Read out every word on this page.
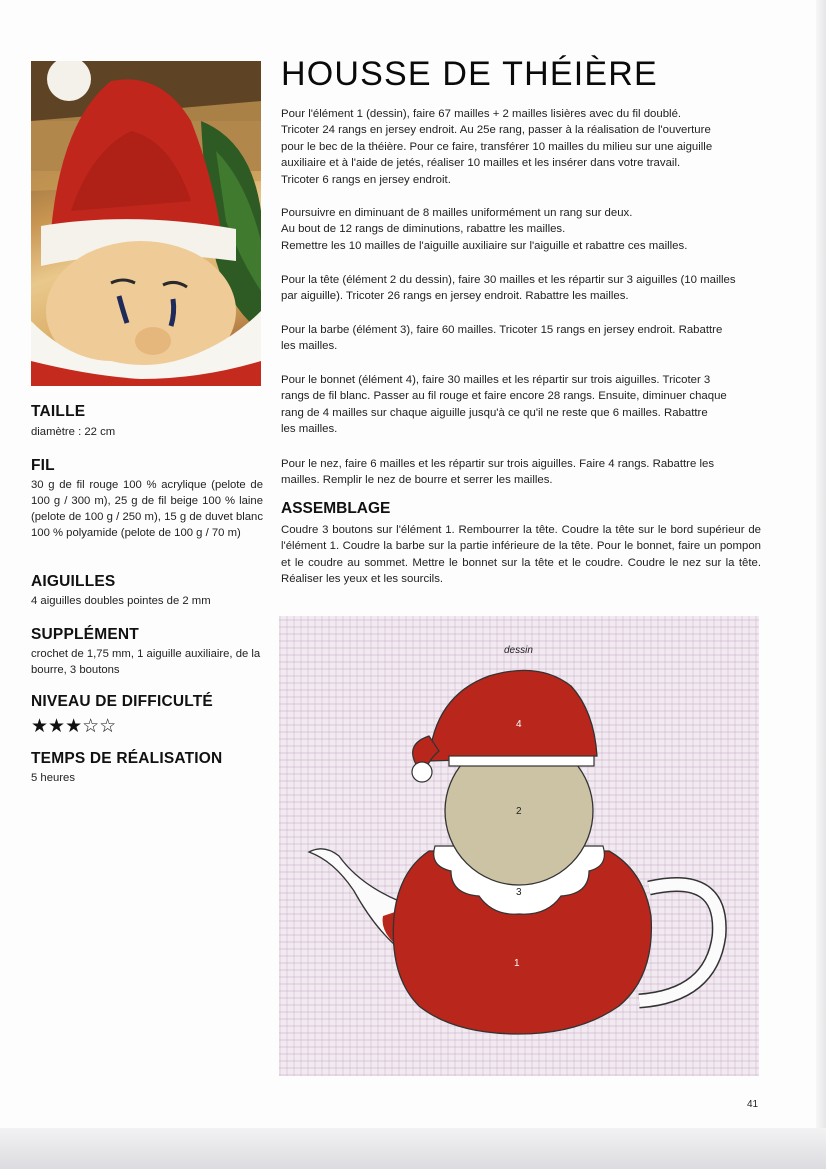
TAILLE
diamètre : 22 cm
FIL
30 g de fil rouge 100 % acrylique (pelote de 100 g / 300 m), 25 g de fil beige 100 % laine (pelote de 100 g / 250 m), 15 g de duvet blanc 100 % polyamide (pelote de 100 g / 70 m)
AIGUILLES
4 aiguilles doubles pointes de 2 mm
SUPPLÉMENT
crochet de 1,75 mm, 1 aiguille auxiliaire, de la bourre, 3 boutons
NIVEAU DE DIFFICULTÉ
★★★☆☆
TEMPS DE RÉALISATION
5 heures
HOUSSE DE THÉIÈRE
Pour l'élément 1 (dessin), faire 67 mailles + 2 mailles lisières avec du fil doublé.
Tricoter 24 rangs en jersey endroit. Au 25e rang, passer à la réalisation de l'ouverture
pour le bec de la théière. Pour ce faire, transférer 10 mailles du milieu sur une aiguille
auxiliaire et à l'aide de jetés, réaliser 10 mailles et les insérer dans votre travail.
Tricoter 6 rangs en jersey endroit.
Poursuivre en diminuant de 8 mailles uniformément un rang sur deux.
Au bout de 12 rangs de diminutions, rabattre les mailles.
Remettre les 10 mailles de l'aiguille auxiliaire sur l'aiguille et rabattre ces mailles.
Pour la tête (élément 2 du dessin), faire 30 mailles et les répartir sur 3 aiguilles (10 mailles
par aiguille). Tricoter 26 rangs en jersey endroit. Rabattre les mailles.
Pour la barbe (élément 3), faire 60 mailles. Tricoter 15 rangs en jersey endroit. Rabattre
les mailles.
Pour le bonnet (élément 4), faire 30 mailles et les répartir sur trois aiguilles. Tricoter 3
rangs de fil blanc. Passer au fil rouge et faire encore 28 rangs. Ensuite, diminuer chaque
rang de 4 mailles sur chaque aiguille jusqu'à ce qu'il ne reste que 6 mailles. Rabattre
les mailles.
Pour le nez, faire 6 mailles et les répartir sur trois aiguilles. Faire 4 rangs. Rabattre les
mailles. Remplir le nez de bourre et serrer les mailles.
ASSEMBLAGE
Coudre 3 boutons sur l'élément 1. Rembourrer la tête. Coudre la tête sur le bord supérieur de l'élément 1. Coudre la barbe sur la partie inférieure de la tête. Pour le bonnet, faire un pompon et le coudre au sommet. Mettre le bonnet sur la tête et le coudre. Coudre le nez sur la tête. Réaliser les yeux et les sourcils.
4
2
3
1
dessin
41
